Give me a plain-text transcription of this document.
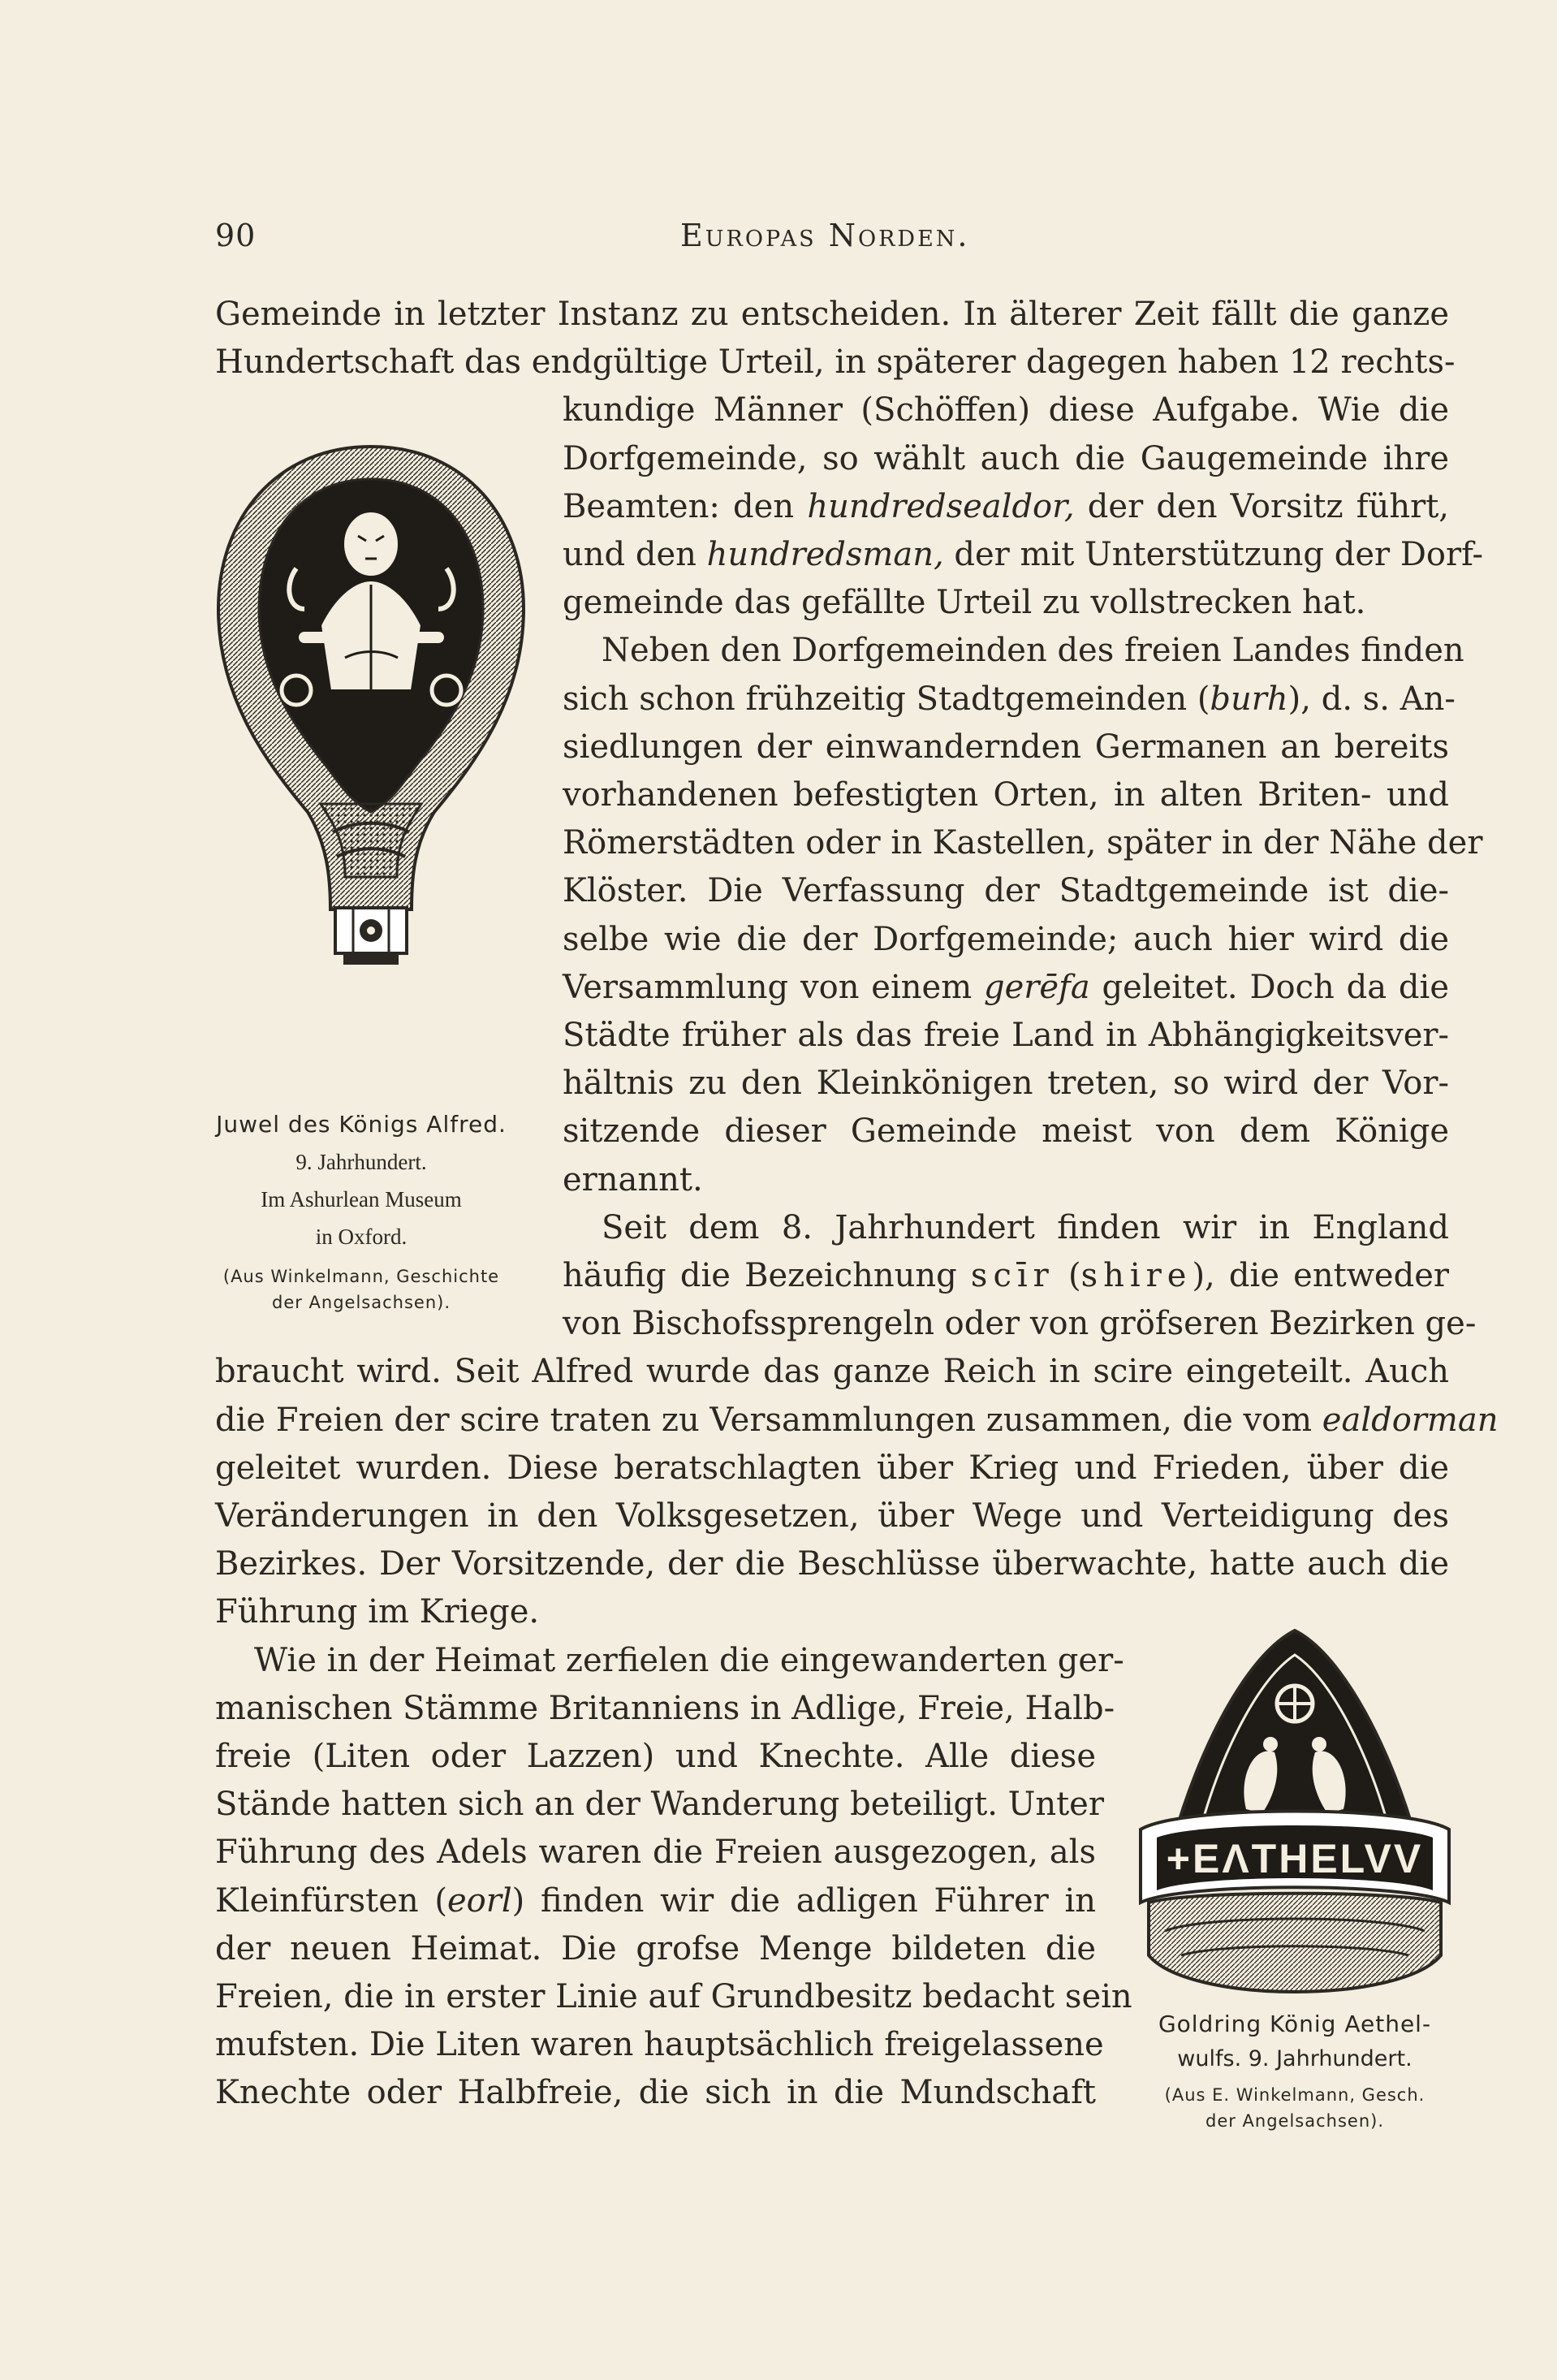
90	Europas Norden.
Gemeinde in letzter Instanz zu entscheiden. In älterer Zeit fällt die ganze
Hundertschaft das endgültige Urteil, in späterer dagegen haben 12 rechts-
kundige Männer (Schöffen) diese Aufgabe. Wie die
Dorfgemeinde, so wählt auch die Gaugemeinde ihre
Beamten: den hundredsealdor, der den Vorsitz führt,
und den hundredsman, der mit Unterstützung der Dorf-
gemeinde das gefällte Urteil zu vollstrecken hat.
Neben den Dorfgemeinden des freien Landes finden
sich schon frühzeitig Stadtgemeinden (burh), d. s. An-
siedlungen der einwandernden Germanen an bereits
vorhandenen befestigten Orten, in alten Briten- und
Römerstädten oder in Kastellen, später in der Nähe der
Klöster. Die Verfassung der Stadtgemeinde ist die-
selbe wie die der Dorfgemeinde; auch hier wird die
Versammlung von einem gerēfa geleitet. Doch da die
Städte früher als das freie Land in Abhängigkeitsver-
hältnis zu den Kleinkönigen treten, so wird der Vor-
sitzende dieser Gemeinde meist von dem Könige
ernannt.
Seit dem 8. Jahrhundert finden wir in England
häufig die Bezeichnung scīr (shire), die entweder
von Bischofssprengeln oder von gröfseren Bezirken ge-
braucht wird. Seit Alfred wurde das ganze Reich in scire eingeteilt. Auch
die Freien der scire traten zu Versammlungen zusammen, die vom ealdorman
geleitet wurden. Diese beratschlagten über Krieg und Frieden, über die
Veränderungen in den Volksgesetzen, über Wege und Verteidigung des
Bezirkes. Der Vorsitzende, der die Beschlüsse überwachte, hatte auch die
Führung im Kriege.
Wie in der Heimat zerfielen die eingewanderten ger-
manischen Stämme Britanniens in Adlige, Freie, Halb-
freie (Liten oder Lazzen) und Knechte. Alle diese
Stände hatten sich an der Wanderung beteiligt. Unter
Führung des Adels waren die Freien ausgezogen, als
Kleinfürsten (eorl) finden wir die adligen Führer in
der neuen Heimat. Die grofse Menge bildeten die
Freien, die in erster Linie auf Grundbesitz bedacht sein
mufsten. Die Liten waren hauptsächlich freigelassene
Knechte oder Halbfreie, die sich in die Mundschaft
Juwel des Königs Alfred.
9. Jahrhundert.
Im Ashurlean Museum
in Oxford.
(Aus Winkelmann, Geschichte
der Angelsachsen).
+EΛTHELVV
Goldring König Aethel-
wulfs. 9. Jahrhundert.
(Aus E. Winkelmann, Gesch.
der Angelsachsen).
